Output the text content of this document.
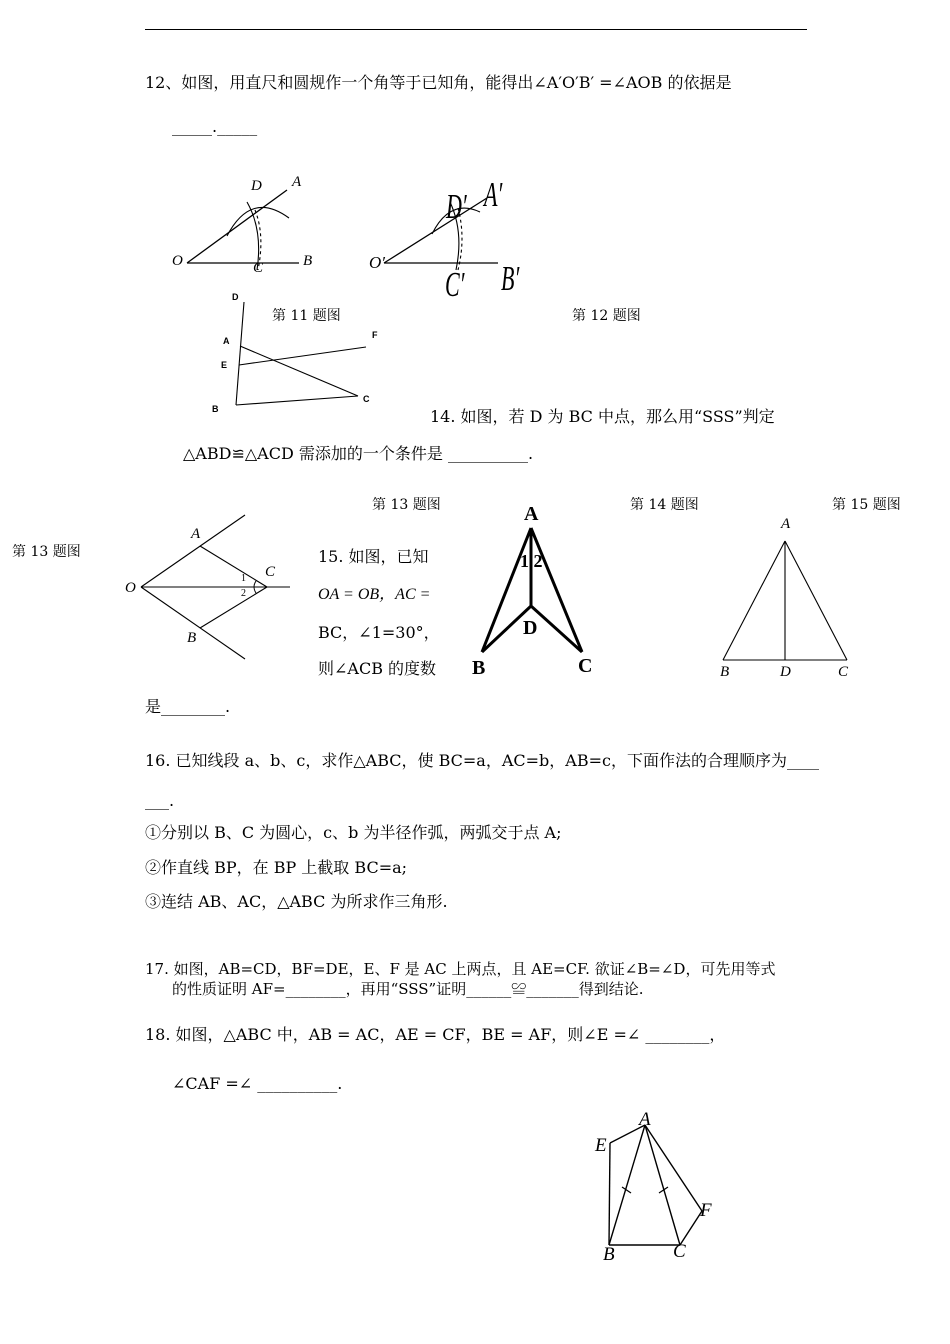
12、如图，用直尺和圆规作一个角等于已知角，能得出∠A′O′B′ =∠AOB 的依据是
_____._____
D A
O	C	B
D′ A′
O′
C′ B′
第 11 题图	第 12 题图
D
A
E
B
F
C
14. 如图，若 D 为 BC 中点，那么用“SSS”判定
△ABD≌△ACD 需添加的一个条件是 __________.
第 13 题图	第 14 题图	第 15 题图
第 13 题图
A
O
C
B
1
2
15. 如图，已知
OA = OB，AC =
BC，∠1=30°，
则∠ACB 的度数
是________.
A
1 2
D
B	C
A
B	D	C
16. 已知线段 a、b、c，求作△ABC，使 BC=a，AC=b，AB=c，下面作法的合理顺序为____
___.
①分别以 B、C 为圆心，c、b 为半径作弧，两弧交于点 A;
②作直线 BP，在 BP 上截取 BC=a;
③连结 AB、AC，△ABC 为所求作三角形.
17. 如图，AB=CD，BF=DE，E、F 是 AC 上两点，且 AE=CF. 欲证∠B=∠D，可先用等式
的性质证明 AF=________，再用“SSS”证明______≌_______得到结论.
18. 如图，△ABC 中，AB = AC，AE = CF，BE = AF，则∠E =∠ ________，
∠CAF =∠ __________.
A
E
F
B	C
